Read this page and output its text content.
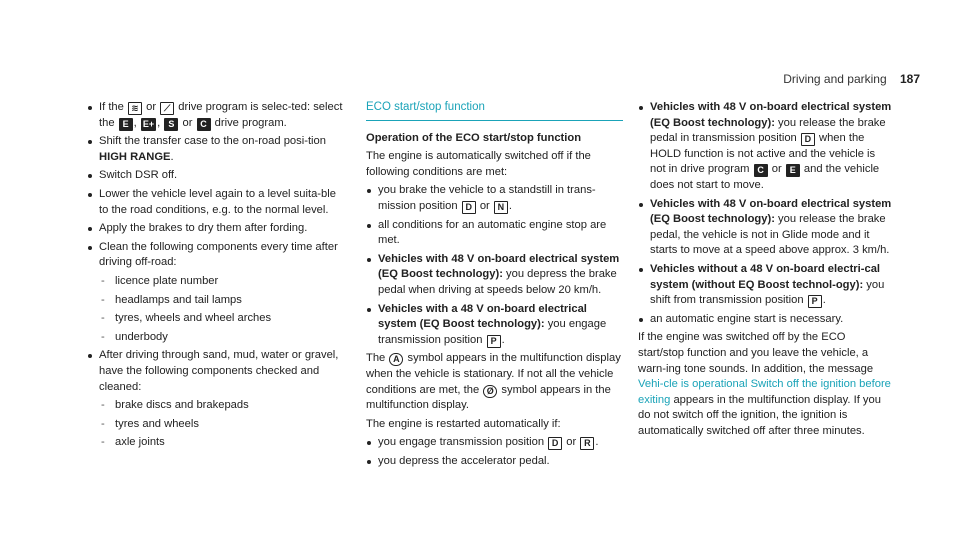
Driving and parking 187
If the ≋ or ⟋ drive program is selec-ted: select the E , E+ , S or C drive program.
Shift the transfer case to the on-road posi-tion HIGH RANGE.
Switch DSR off.
Lower the vehicle level again to a level suita-ble to the road conditions, e.g. to the normal level.
Apply the brakes to dry them after fording.
Clean the following components every time after driving off-road:
- licence plate number
- headlamps and tail lamps
- tyres, wheels and wheel arches
- underbody
After driving through sand, mud, water or gravel, have the following components checked and cleaned:
- brake discs and brakepads
- tyres and wheels
- axle joints
ECO start/stop function
Operation of the ECO start/stop function

The engine is automatically switched off if the following conditions are met:

you brake the vehicle to a standstill in trans-mission position D or N .
all conditions for an automatic engine stop are met.
Vehicles with 48 V on-board electrical system (EQ Boost technology): you depress the brake pedal when driving at speeds below 20 km/h.
Vehicles with a 48 V on-board electrical system (EQ Boost technology): you engage transmission position P .

The A symbol appears in the multifunction display when the vehicle is stationary. If not all the vehicle conditions are met, the Ø symbol appears in the multifunction display.

The engine is restarted automatically if:

you engage transmission position D or R .
you depress the accelerator pedal.
Vehicles with 48 V on-board electrical system (EQ Boost technology): you release the brake pedal in transmission position D when the HOLD function is not active and the vehicle is not in drive program C or E and the vehicle does not start to move.
Vehicles with 48 V on-board electrical system (EQ Boost technology): you release the brake pedal, the vehicle is not in Glide mode and it starts to move at a speed above approx. 3 km/h.
Vehicles without a 48 V on-board electri-cal system (without EQ Boost technol-ogy): you shift from transmission position P .
an automatic engine start is necessary.

If the engine was switched off by the ECO start/stop function and you leave the vehicle, a warn-ing tone sounds. In addition, the message Vehi-cle is operational Switch off the ignition before exiting appears in the multifunction display. If you do not switch off the ignition, the ignition is automatically switched off after three minutes.
